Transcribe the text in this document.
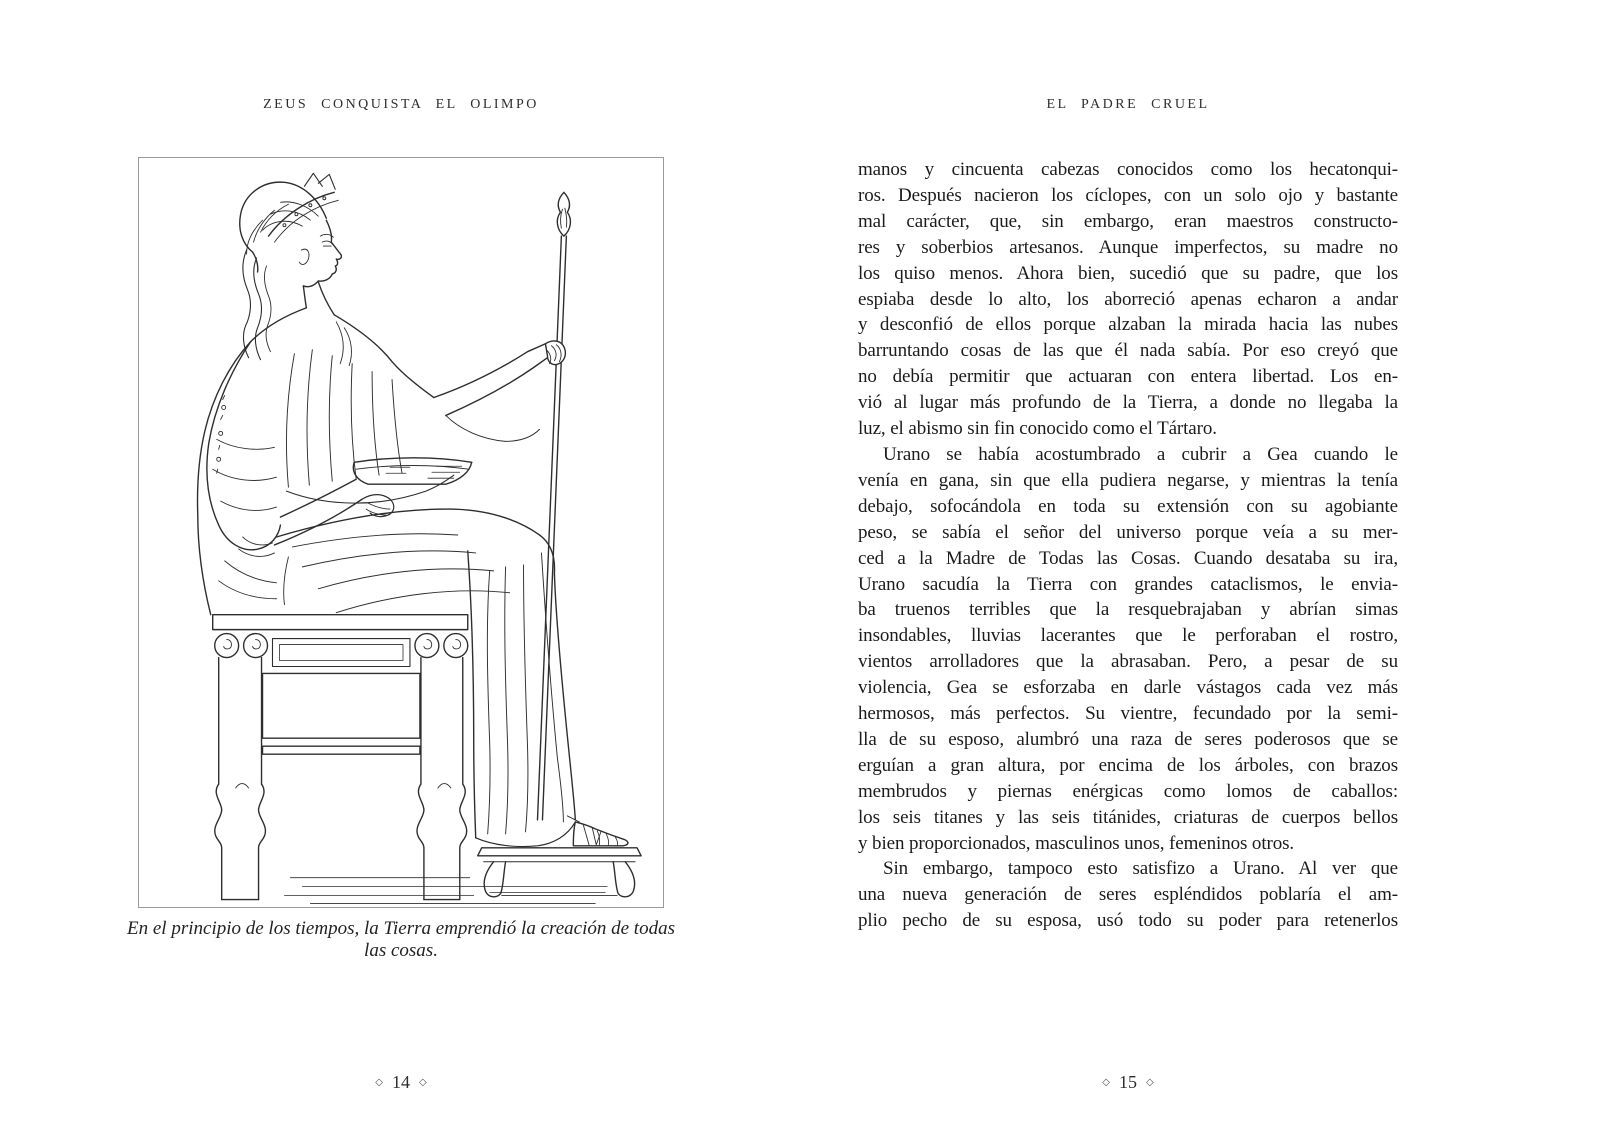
ZEUS CONQUISTA EL OLIMPO	EL PADRE CRUEL
En el principio de los tiempos, la Tierra emprendió la creación de todas las cosas.
manos y cincuenta cabezas conocidos como los hecatonqui-
ros. Después nacieron los cíclopes, con un solo ojo y bastante
mal carácter, que, sin embargo, eran maestros constructo-
res y soberbios artesanos. Aunque imperfectos, su madre no
los quiso menos. Ahora bien, sucedió que su padre, que los
espiaba desde lo alto, los aborreció apenas echaron a andar
y desconfió de ellos porque alzaban la mirada hacia las nubes
barruntando cosas de las que él nada sabía. Por eso creyó que
no debía permitir que actuaran con entera libertad. Los en-
vió al lugar más profundo de la Tierra, a donde no llegaba la
luz, el abismo sin fin conocido como el Tártaro.
Urano se había acostumbrado a cubrir a Gea cuando le
venía en gana, sin que ella pudiera negarse, y mientras la tenía
debajo, sofocándola en toda su extensión con su agobiante
peso, se sabía el señor del universo porque veía a su mer-
ced a la Madre de Todas las Cosas. Cuando desataba su ira,
Urano sacudía la Tierra con grandes cataclismos, le envia-
ba truenos terribles que la resquebrajaban y abrían simas
insondables, lluvias lacerantes que le perforaban el rostro,
vientos arrolladores que la abrasaban. Pero, a pesar de su
violencia, Gea se esforzaba en darle vástagos cada vez más
hermosos, más perfectos. Su vientre, fecundado por la semi-
lla de su esposo, alumbró una raza de seres poderosos que se
erguían a gran altura, por encima de los árboles, con brazos
membrudos y piernas enérgicas como lomos de caballos:
los seis titanes y las seis titánides, criaturas de cuerpos bellos
y bien proporcionados, masculinos unos, femeninos otros.
Sin embargo, tampoco esto satisfizo a Urano. Al ver que
una nueva generación de seres espléndidos poblaría el am-
plio pecho de su esposa, usó todo su poder para retenerlos
◇ 14 ◇	◇ 15 ◇
